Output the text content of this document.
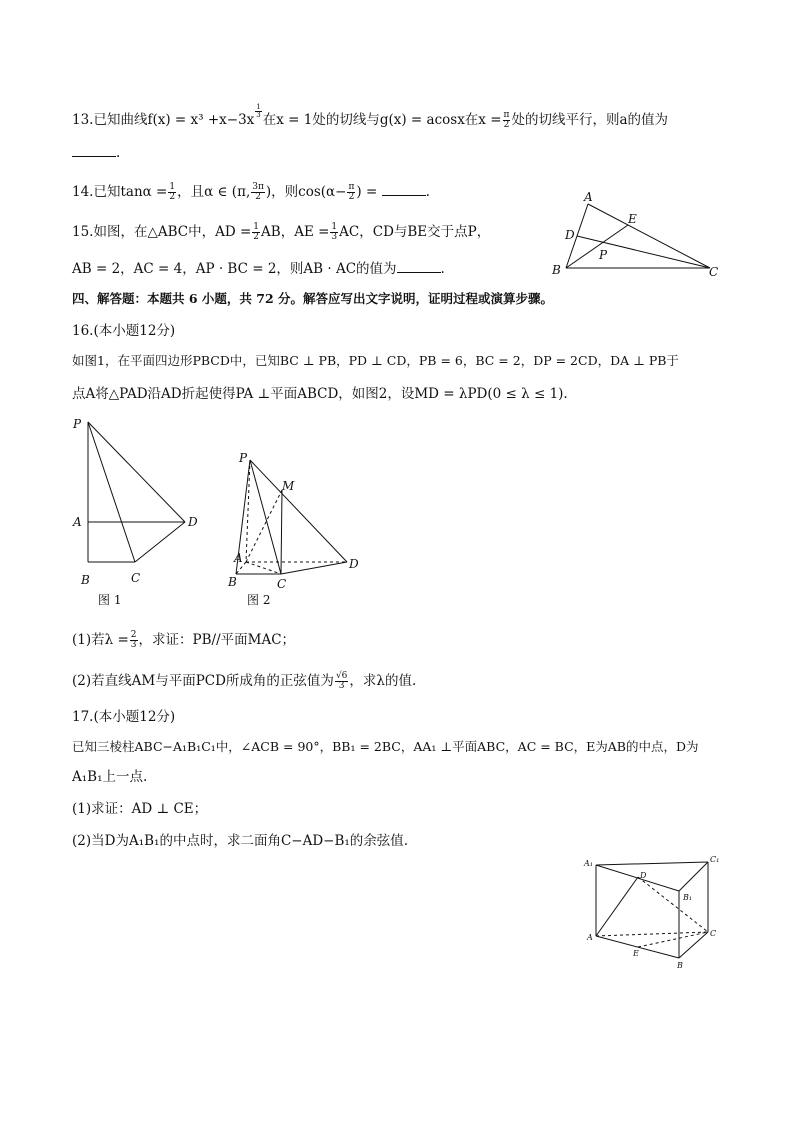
13.已知曲线f(x) = x³ +x−3x
$\frac{1}{3}$
在x = 1处的切线与g(x) = acosx在$x = \frac{\pi}{2}$ 处的切线平行，则a的值为
.
14.已知$\tan\alpha = \frac{1}{2}$ ，且α ∈ (π, $\frac{3\pi}{2}$ )，则$\cos(\alpha- \frac{\pi}{2}$ ) =	.
15.如图，在△ABC中，AD = $\frac{1}{2}$ AB，AE = $\frac{1}{3}$ AC，CD与BE交于点P，
AB = 2，AC = 4，AP · BC = 2，则AB · AC的值为	.
A
E
D
P
B	C
四、解答题：本题共 6 小题，共 72 分。解答应写出文字说明，证明过程或演算步骤。
16.(本小题12分)
如图1，在平面四边形PBCD中，已知BC ⊥ PB，PD ⊥ CD，PB = 6，BC = 2，DP = 2CD，DA ⊥ PB于
点A将△PAD沿AD折起使得PA ⊥平面ABCD，如图2，设MD = λPD(0 ≤ λ ≤ 1).
P
A	D
B	C
图 1
P
M
A	D
B	C
图 2
(1)若$\lambda = \frac{2}{3}$ ，求证：PB//平面MAC；
(2)若直线AM与平面PCD所成角的正弦值为 $\frac{√6}{3}$ ，求λ的值.
17.(本小题12分)
已知三棱柱ABC−A₁B₁C₁中，∠ACB = 90°，BB₁ = 2BC，AA₁ ⊥平面ABC，AC = BC，E为AB的中点，D为
A₁B₁上一点.
(1)求证：AD ⊥ CE；
(2)当D为A₁B₁的中点时，求二面角C−AD−B₁的余弦值.
A₁
D
C₁
B₁
A	C
E
B
